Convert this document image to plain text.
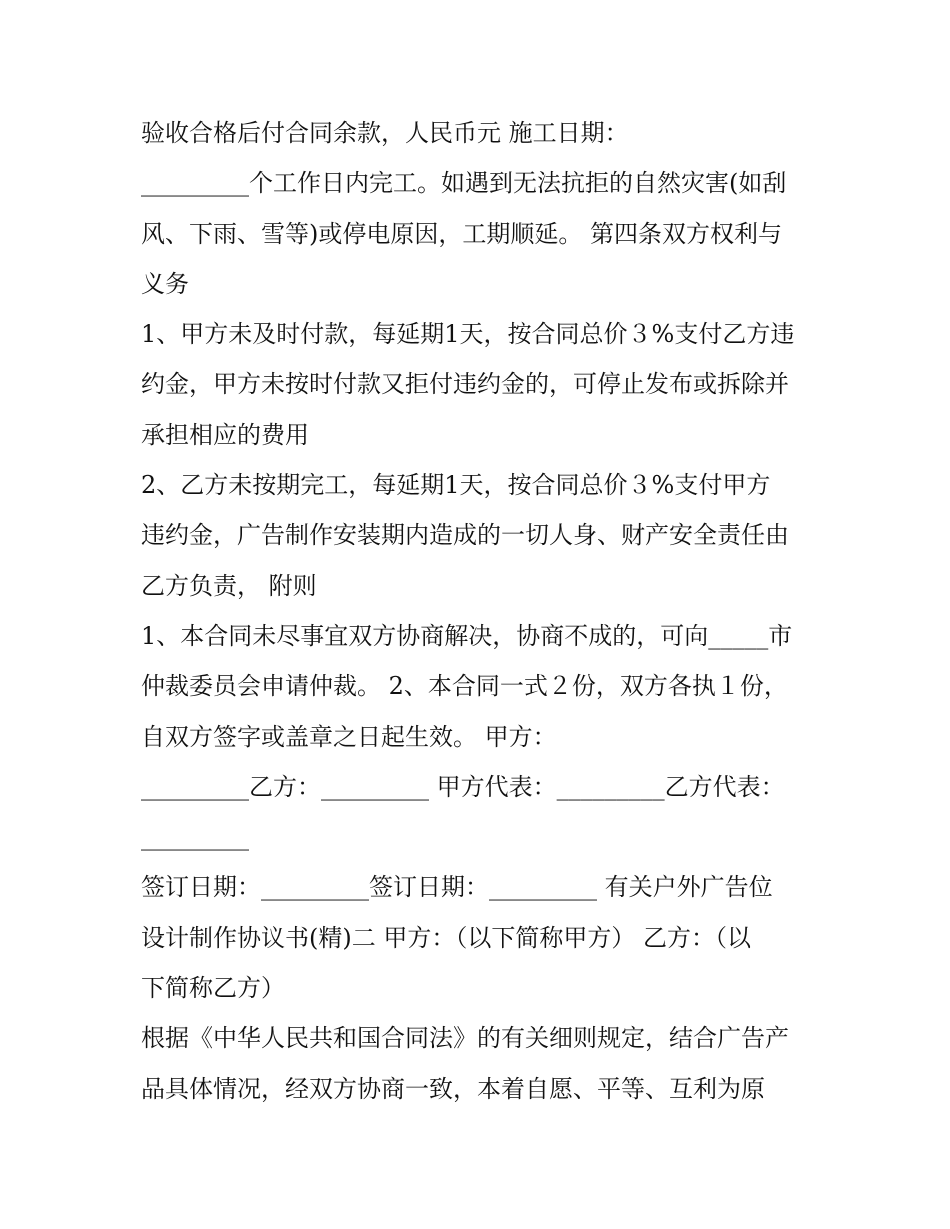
验收合格后付合同余款，人民币元 施工日期：
_________个工作日内完工。如遇到无法抗拒的自然灾害(如刮
风、下雨、雪等)或停电原因，工期顺延。 第四条双方权利与
义务
1、甲方未及时付款，每延期1天，按合同总价３%支付乙方违
约金，甲方未按时付款又拒付违约金的，可停止发布或拆除并
承担相应的费用
2、乙方未按期完工，每延期1天，按合同总价３%支付甲方
违约金，广告制作安装期内造成的一切人身、财产安全责任由
乙方负责， 附则
1、本合同未尽事宜双方协商解决，协商不成的，可向_____市
仲裁委员会申请仲裁。 2、本合同一式２份，双方各执１份，
自双方签字或盖章之日起生效。 甲方：
_________乙方：_________ 甲方代表：_________乙方代表：
_________
签订日期：_________签订日期：_________ 有关户外广告位
设计制作协议书(精)二 甲方：（以下简称甲方） 乙方：（以
下简称乙方）
根据《中华人民共和国合同法》的有关细则规定，结合广告产
品具体情况，经双方协商一致，本着自愿、平等、互利为原
